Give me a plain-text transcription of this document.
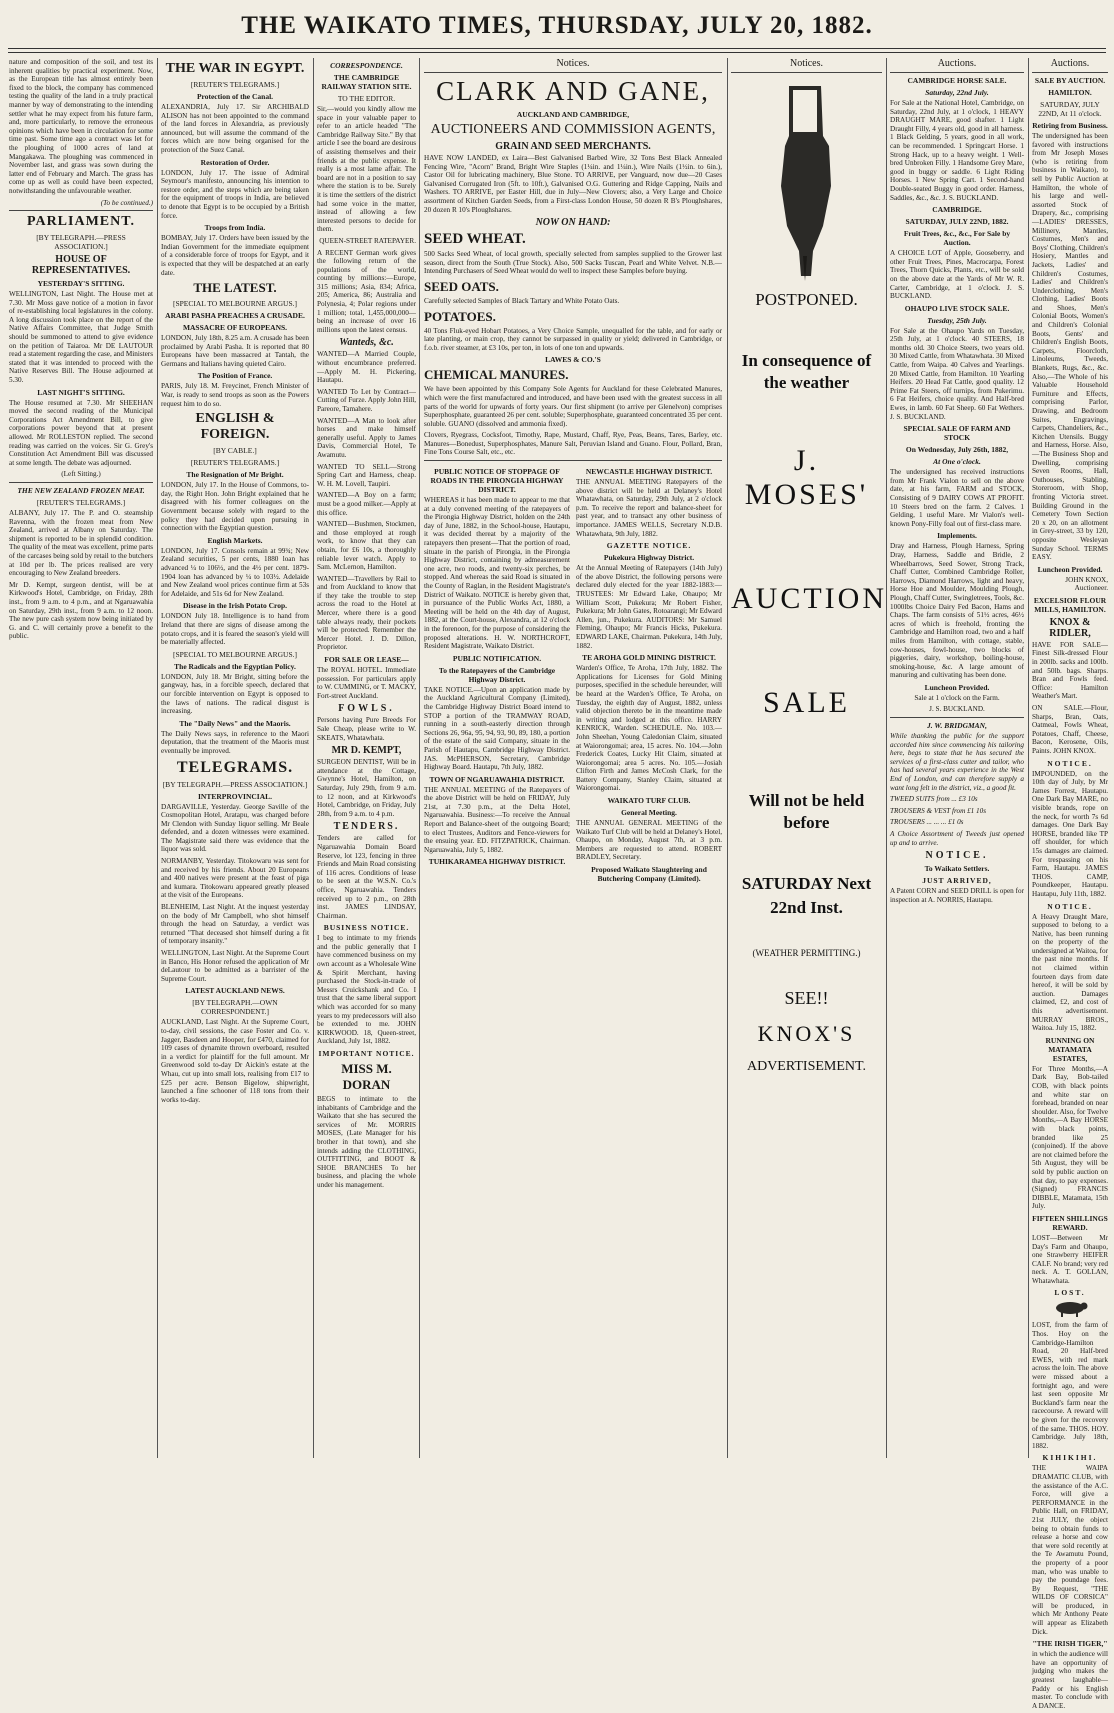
THE WAIKATO TIMES, THURSDAY, JULY 20, 1882.

nature and composition of the soil, and test its inherent qualities by practical experiment. Now, as the European title has almost entirely been fixed to the block, the company has commenced testing the quality of the land in a truly practical manner by way of demonstrating to the intending settler what he may expect from his future farm, and, more particularly, to remove the erroneous opinions which have been in circulation for some time past. Some time ago a contract was let for the ploughing of 1000 acres of land at Mangakawa. The ploughing was commenced in November last, and grass was sown during the latter end of February and March. The grass has come up as well as could have been expected, notwithstanding the unfavourable weather.

(To be continued.)

PARLIAMENT.
[BY TELEGRAPH.—PRESS ASSOCIATION.]
HOUSE OF REPRESENTATIVES.
YESTERDAY'S SITTING.

WELLINGTON, Last Night. The House met at 7.30. Mr Moss gave notice of a motion in favor of re-establishing local legislatures in the colony. A long discussion took place on the report of the Native Affairs Committee, that Judge Smith should be summoned to attend to give evidence on the petition of Taiaroa. Mr DE LAUTOUR read a statement regarding the case, and Ministers stated that it was intended to proceed with the Native Reserves Bill. The House adjourned at 5.30.

LAST NIGHT'S SITTING.

The House resumed at 7.30. Mr SHEEHAN moved the second reading of the Municipal Corporations Act Amendment Bill, to give corporations power beyond that at present allowed. Mr ROLLESTON replied. The second reading was carried on the voices. Sir G. Grey's Constitution Act Amendment Bill was discussed at some length. The debate was adjourned.

(Left Sitting.)

THE NEW ZEALAND FROZEN MEAT.
[REUTER'S TELEGRAMS.]

ALBANY, July 17. The P. and O. steamship Ravenna, with the frozen meat from New Zealand, arrived at Albany on Saturday. The shipment is reported to be in splendid condition. The quality of the meat was excellent, prime parts of the carcases being sold by retail to the butchers at 10d per lb. The prices realised are very encouraging to New Zealand breeders.

Mr D. Kempt, surgeon dentist, will be at Kirkwood's Hotel, Cambridge, on Friday, 28th inst., from 9 a.m. to 4 p.m., and at Ngaruawahia on Saturday, 29th inst., from 9 a.m. to 12 noon. The new pure cash system now being initiated by G. and C. will certainly prove a benefit to the public.

THE WAR IN EGYPT.
[REUTER'S TELEGRAMS.]
Protection of the Canal.

ALEXANDRIA, July 17. Sir ARCHIBALD ALISON has not been appointed to the command of the land forces in Alexandria, as previously announced, but will assume the command of the forces which are now being organised for the protection of the Suez Canal.

Restoration of Order.

LONDON, July 17. The issue of Admiral Seymour's manifesto, announcing his intention to restore order, and the steps which are being taken for the equipment of troops in India, are believed to denote that Egypt is to be occupied by a British force.

Troops from India.

BOMBAY, July 17. Orders have been issued by the Indian Government for the immediate equipment of a considerable force of troops for Egypt, and it is expected that they will be despatched at an early date.

THE LATEST.
[SPECIAL TO MELBOURNE ARGUS.]
ARABI PASHA PREACHES A CRUSADE.
MASSACRE OF EUROPEANS.

LONDON, July 18th, 8.25 a.m. A crusade has been proclaimed by Arabi Pasha. It is reported that 80 Europeans have been massacred at Tantah, the Germans and Italians having quieted Cairo.

The Position of France.

PARIS, July 18. M. Freycinet, French Minister of War, is ready to send troops as soon as the Powers request him to do so.

ENGLISH & FOREIGN.
[BY CABLE.]
[REUTER'S TELEGRAMS.]
The Resignation of Mr Bright.

LONDON, July 17. In the House of Commons, to-day, the Right Hon. John Bright explained that he disagreed with his former colleagues on the Government because solely with regard to the policy they had decided upon pursuing in connection with the Egyptian question.

English Markets.

LONDON, July 17. Consols remain at 99¾; New Zealand securities, 5 per cents, 1880 loan has advanced ¼ to 106½, and the 4½ per cent. 1879-1904 loan has advanced by ¼ to 103½. Adelaide and New Zealand wool prices continue firm at 53s for Adelaide, and 51s 6d for New Zealand.

Disease in the Irish Potato Crop.

LONDON July 18. Intelligence is to hand from Ireland that there are signs of disease among the potato crops, and it is feared the season's yield will be materially affected.

[SPECIAL TO MELBOURNE ARGUS.]
The Radicals and the Egyptian Policy.

LONDON, July 18. Mr Bright, sitting before the gangway, has, in a forcible speech, declared that our forcible intervention on Egypt is opposed to the laws of nations. The radical disgust is increasing.

The "Daily News" and the Maoris.

The Daily News says, in reference to the Maori deputation, that the treatment of the Maoris must eventually be improved.

TELEGRAMS.
[BY TELEGRAPH.—PRESS ASSOCIATION.]
INTERPROVINCIAL.

DARGAVILLE, Yesterday. George Saville of the Cosmopolitan Hotel, Aratapu, was charged before Mr Clendon with Sunday liquor selling. Mr Beale defended, and a dozen witnesses were examined. The Magistrate said there was evidence that the liquor was sold.

NORMANBY, Yesterday. Titokowaru was sent for and received by his friends. About 20 Europeans and 400 natives were present at the feast of piga and kumara. Titokowaru appeared greatly pleased at the visit of the Europeans.

BLENHEIM, Last Night. At the inquest yesterday on the body of Mr Campbell, who shot himself through the head on Saturday, a verdict was returned "That deceased shot himself during a fit of temporary insanity."

WELLINGTON, Last Night. At the Supreme Court in Banco, His Honor refused the application of Mr deLautour to be admitted as a barrister of the Supreme Court.

LATEST AUCKLAND NEWS.
[BY TELEGRAPH.—OWN CORRESPONDENT.]

AUCKLAND, Last Night. At the Supreme Court, to-day, civil sessions, the case Foster and Co. v. Jagger, Basdeen and Hooper, for £470, claimed for 109 cases of dynamite thrown overboard, resulted in a verdict for plaintiff for the full amount. Mr Greenwood sold to-day Dr Aickin's estate at the Whau, cut up into small lots, realising from £17 to £25 per acre. Benson Bigelow, shipwright, launched a fine schooner of 118 tons from their works to-day.

CORRESPONDENCE.
THE CAMBRIDGE RAILWAY STATION SITE.
TO THE EDITOR.

Sir,—would you kindly allow me space in your valuable paper to refer to an article headed "The Cambridge Railway Site." By that article I see the board are desirous of assisting themselves and their friends at the public expense. It really is a most lame affair. The board are not in a position to say where the station is to be. Surely it is time the settlers of the district had some voice in the matter, instead of allowing a few interested persons to decide for them.

QUEEN-STREET RATEPAYER.

A RECENT German work gives the following return of the populations of the world, counting by millions:—Europe, 315 millions; Asia, 834; Africa, 205; America, 86; Australia and Polynesia, 4; Polar regions under 1 million; total, 1,455,000,000—being an increase of over 16 millions upon the latest census.

Wanteds, &c.

WANTED—A Married Couple, without encumbrance preferred.—Apply M. H. Pickering, Hautapu.

WANTED To Let by Contract—Cutting of Furze. Apply John Hill, Pareore, Tamahere.

WANTED—A Man to look after horses and make himself generally useful. Apply to James Davis, Commercial Hotel, Te Awamutu.

WANTED TO SELL—Strong Spring Cart and Harness, cheap. W. H. M. Lovell, Taupiri.

WANTED—A Boy on a farm; must be a good milker.—Apply at this office.

WANTED—Bushmen, Stockmen, and those employed at rough work, to know that they can obtain, for £6 10s, a thoroughly reliable lever watch. Apply to Sam. McLernon, Hamilton.

WANTED—Travellers by Rail to and from Auckland to know that if they take the trouble to step across the road to the Hotel at Mercer, where there is a good table always ready, their pockets will be protected. Remember the Mercer Hotel. J. D. Dillon, Proprietor.

FOR SALE OR LEASE—

The ROYAL HOTEL. Immediate possession. For particulars apply to W. CUMMING, or T. MACKY, Fort-street Auckland.

FOWLS.

Persons having Pure Breeds For Sale Cheap, please write to W. SKEATS, Whatawhata.

MR D. KEMPT,

SURGEON DENTIST, Will be in attendance at the Cottage, Gwynne's Hotel, Hamilton, on Saturday, July 29th, from 9 a.m. to 12 noon, and at Kirkwood's Hotel, Cambridge, on Friday, July 28th, from 9 a.m. to 4 p.m.

TENDERS.

Tenders are called for Ngaruawahia Domain Board Reserve, lot 123, fencing in three Friends and Main Road consisting of 116 acres. Conditions of lease to be seen at the W.S.N. Co.'s office, Ngaruawahia. Tenders received up to 2 p.m., on 28th inst. JAMES LINDSAY, Chairman.

BUSINESS NOTICE.

I beg to intimate to my friends and the public generally that I have commenced business on my own account as a Wholesale Wine & Spirit Merchant, having purchased the Stock-in-trade of Messrs Cruickshank and Co. I trust that the same liberal support which was accorded for so many years to my predecessors will also be extended to me. JOHN KIRKWOOD. 18, Queen-street, Auckland, July 1st, 1882.

IMPORTANT NOTICE.
MISS M. DORAN

BEGS to intimate to the inhabitants of Cambridge and the Waikato that she has secured the services of Mr. MORRIS MOSES, (Late Manager for his brother in that town), and she intends adding the CLOTHING, OUTFITTING, and BOOT & SHOE BRANCHES To her business, and placing the whole under his management.

Notices.
CLARK AND GANE,
AUCKLAND AND CAMBRIDGE,
AUCTIONEERS AND COMMISSION AGENTS,
GRAIN AND SEED MERCHANTS.

HAVE NOW LANDED, ex Laira—Best Galvanised Barbed Wire, 32 Tons Best Black Annealed Fencing Wire, "Acorn" Brand, Bright Wire Staples (1¼in. and 1¼in.), Wire Nails (1½in. to 6in.), Castor Oil for lubricating machinery, Blue Stone. TO ARRIVE, per Vanguard, now due—20 Cases Galvanised Corrugated Iron (5ft. to 10ft.), Galvanised O.G. Guttering and Ridge Capping, Nails and Washers. TO ARRIVE, per Easter Hill, due in July—New Clovers; also, a Very Large and Choice assortment of Kitchen Garden Seeds, from a First-class London House, 50 dozen R B's Ploughshares, 20 dozen R 10's Ploughshares.

NOW ON HAND:
SEED WHEAT.

500 Sacks Seed Wheat, of local growth, specially selected from samples supplied to the Grower last season, direct from the South (True Stock). Also, 500 Sacks Tuscan, Pearl and White Velvet. N.B.—Intending Purchasers of Seed Wheat would do well to inspect these Samples before buying.

SEED OATS.

Carefully selected Samples of Black Tartary and White Potato Oats.

POTATOES.

40 Tons Fluk-eyed Hobart Potatoes, a Very Choice Sample, unequalled for the table, and for early or late planting, or main crop, they cannot be surpassed in quality or yield; delivered in Cambridge, or f.o.b. river steamer, at £3 10s, per ton, in lots of one ton and upwards.

LAWES & CO.'S
CHEMICAL MANURES.

We have been appointed by this Company Sole Agents for Auckland for these Celebrated Manures, which were the first manufactured and introduced, and have been used with the greatest success in all parts of the world for upwards of forty years. Our first shipment (to arrive per Glenelvon) comprises Superphosphate, guaranteed 26 per cent. soluble; Superphosphate, guaranteed concentrated 35 per cent. soluble. GUANO (dissolved and ammonia fixed).

Clovers, Ryegrass, Cocksfoot, Timothy, Rape, Mustard, Chaff, Rye, Peas, Beans, Tares, Barley, etc. Manures—Bonedust, Superphosphates, Manure Salt, Peruvian Island and Guano. Flour, Pollard, Bran, Fine Tons Course Salt, etc., etc.

PUBLIC NOTICE OF STOPPAGE OF ROADS IN THE PIRONGIA HIGHWAY DISTRICT.

WHEREAS it has been made to appear to me that at a duly convened meeting of the ratepayers of the Pirongia Highway District, holden on the 24th day of June, 1882, in the School-house, Hautapu, it was decided thereat by a majority of the ratepayers then present—That the portion of road, situate in the parish of Pirongia, in the Pirongia Highway District, containing by admeasurement one acre, two roods, and twenty-six perches, be stopped. And whereas the said Road is situated in the County of Raglan, in the Resident Magistrate's District of Waikato. NOTICE is hereby given that, in pursuance of the Public Works Act, 1880, a Meeting will be held on the 4th day of August, 1882, at the Court-house, Alexandra, at 12 o'clock in the forenoon, for the purpose of considering the proposed alterations. H. W. NORTHCROFT, Resident Magistrate, Waikato District.

PUBLIC NOTIFICATION.
To the Ratepayers of the Cambridge Highway District.

TAKE NOTICE.—Upon an application made by the Auckland Agricultural Company (Limited), the Cambridge Highway District Board intend to STOP a portion of the TRAMWAY ROAD, running in a south-easterly direction through Sections 26, 96a, 95, 94, 93, 90, 89, 180, a portion of the estate of the said Company, situate in the Parish of Hautapu, Cambridge Highway District. JAS. McPHERSON, Secretary, Cambridge Highway Board. Hautapu, 7th July, 1882.

TOWN OF NGARUAWAHIA DISTRICT.

THE ANNUAL MEETING of the Ratepayers of the above District will be held on FRIDAY, July 21st, at 7.30 p.m., at the Delta Hotel, Ngaruawahia. Business:—To receive the Annual Report and Balance-sheet of the outgoing Board; to elect Trustees, Auditors and Fence-viewers for the ensuing year. ED. FITZPATRICK, Chairman. Ngaruawahia, July 5, 1882.

TUHIKARAMEA HIGHWAY DISTRICT.
NEWCASTLE HIGHWAY DISTRICT.

THE ANNUAL MEETING Ratepayers of the above district will be held at Delaney's Hotel Whatawhata, on Saturday, 29th July, at 2 o'clock p.m. To receive the report and balance-sheet for past year, and to transact any other business of importance. JAMES WELLS, Secretary N.D.B. Whatawhata, 9th July, 1882.

GAZETTE NOTICE.
Pukekura Highway District.

At the Annual Meeting of Ratepayers (14th July) of the above District, the following persons were declared duly elected for the year 1882-1883:—TRUSTEES: Mr Edward Lake, Ohaupo; Mr William Scott, Pukekura; Mr Robert Fisher, Pukekura; Mr John Gates, Rotoarangi; Mr Edward Allen, jun., Pukekura. AUDITORS: Mr Samuel Fleming, Ohaupo; Mr Francis Hicks, Pukekura. EDWARD LAKE, Chairman. Pukekura, 14th July, 1882.

TE AROHA GOLD MINING DISTRICT.

Warden's Office, Te Aroha, 17th July, 1882. The Applications for Licenses for Gold Mining purposes, specified in the schedule hereunder, will be heard at the Warden's Office, Te Aroha, on Tuesday, the eighth day of August, 1882, unless valid objection thereto be in the meantime made in writing and lodged at this office. HARRY KENRICK, Warden. SCHEDULE. No. 103.—John Sheehan, Young Caledonian Claim, situated at Waiorongomai; area, 15 acres. No. 104.—John Frederick Coates, Lucky Hit Claim, situated at Waiorongomai; area 5 acres. No. 105.—Josiah Clifton Firth and James McCosh Clark, for the Battery Company, Stanley Claim, situated at Waiorongomai.

WAIKATO TURF CLUB.
General Meeting.

THE ANNUAL GENERAL MEETING of the Waikato Turf Club will be held at Delaney's Hotel, Ohaupo, on Monday, August 7th, at 3 p.m. Members are requested to attend. ROBERT BRADLEY, Secretary.

Proposed Waikato Slaughtering and Butchering Company (Limited).
Notices.
POSTPONED.
In consequence of the weather
J. MOSES'
AUCTION
SALE
Will not be held before
SATURDAY Next
22nd Inst.
(WEATHER PERMITTING.)
SEE!!
KNOX'S
ADVERTISEMENT.
Auctions.
CAMBRIDGE HORSE SALE.
Saturday, 22nd July.

For Sale at the National Hotel, Cambridge, on Saturday, 22nd July, at 1 o'clock, 1 HEAVY DRAUGHT MARE, good shafter. 1 Light Draught Filly, 4 years old, good in all harness. 1 Black Gelding, 5 years, good in all work, can be recommended. 1 Springcart Horse. 1 Strong Hack, up to a heavy weight. 1 Well-bred Unbroken Filly. 1 Handsome Grey Mare, good in buggy or saddle. 6 Light Riding Horses. 1 New Spring Cart. 1 Second-hand Double-seated Buggy in good order. Harness, Saddles, &c., &c. J. S. BUCKLAND.

CAMBRIDGE.
SATURDAY, JULY 22ND, 1882.
Fruit Trees, &c., &c., For Sale by Auction.

A CHOICE LOT of Apple, Gooseberry, and other Fruit Trees, Pines, Macrocarpa, Forest Trees, Thorn Quicks, Plants, etc., will be sold on the above date at the Yards of Mr W. R. Carter, Cambridge, at 1 o'clock. J. S. BUCKLAND.

OHAUPO LIVE STOCK SALE.
Tuesday, 25th July.

For Sale at the Ohaupo Yards on Tuesday, 25th July, at 1 o'clock. 40 STEERS, 18 months old. 30 Choice Steers, two years old. 30 Mixed Cattle, from Whatawhata. 30 Mixed Cattle, from Waipa. 40 Calves and Yearlings. 20 Mixed Cattle, from Hamilton. 10 Yearling Heifers. 20 Head Fat Cattle, good quality. 12 Prime Fat Steers, off turnips, from Pukerimu. 6 Fat Heifers, choice quality. And Half-bred Ewes, in lamb. 60 Fat Sheep. 60 Fat Wethers. J. S. BUCKLAND.

SPECIAL SALE OF FARM AND STOCK
On Wednesday, July 26th, 1882,
At One o'clock.

The undersigned has received instructions from Mr Frank Vialon to sell on the above date, at his farm, FARM and STOCK, Consisting of 9 DAIRY COWS AT PROFIT. 10 Steers bred on the farm. 2 Calves. 1 Gelding, 1 useful Mare. Mr Vialon's well-known Pony-Filly foal out of first-class mare.

Implements.

Dray and Harness, Plough Harness, Spring Dray, Harness, Saddle and Bridle, 2 Wheelbarrows, Seed Sower, Strong Track, Chaff Cutter, Combined Cambridge Roller, Harrows, Diamond Harrows, light and heavy, Horse Hoe and Moulder, Moulding Plough, Plough, Chaff Cutter, Swingletrees, Tools, &c. 1000lbs Choice Dairy Fed Bacon, Hams and Chaps. The farm consists of 51½ acres, 46½ acres of which is freehold, fronting the Cambridge and Hamilton road, two and a half miles from Hamilton, with cottage, stable, cow-houses, fowl-house, two blocks of piggeries, dairy, workshop, boiling-house, smoking-house, &c. A large amount of manuring and cultivating has been done.

Luncheon Provided.

Sale at 1 o'clock on the Farm.

J. S. BUCKLAND.

J. W. BRIDGMAN,

While thanking the public for the support accorded him since commencing his tailoring here, begs to state that he has secured the services of a first-class cutter and tailor, who has had several years experience in the West End of London, and can therefore supply a want long felt in the district, viz., a good fit.

TWEED SUITS from ... £3 10s

TROUSERS & VEST from £1 10s

TROUSERS ... ... ... £1 0s

A Choice Assortment of Tweeds just opened up and to arrive.

NOTICE.
To Waikato Settlers.
JUST ARRIVED,

A Patent CORN and SEED DRILL is open for inspection at A. NORRIS, Hautapu.

Auctions.
SALE BY AUCTION.
HAMILTON.
SATURDAY, JULY 22ND, At 11 o'clock.
Retiring from Business.

The undersigned has been favored with instructions from Mr Joseph Moses (who is retiring from business in Waikato), to sell by Public Auction at Hamilton, the whole of his large and well-assorted Stock of Drapery, &c., comprising—LADIES' DRESSES, Millinery, Mantles, Costumes, Men's and Boys' Clothing, Children's Hosiery, Mantles and Jackets, Ladies' and Children's Costumes, Ladies' and Children's Underclothing, Men's Clothing, Ladies' Boots and Shoes, Men's Colonial Boots, Women's and Children's Colonial Boots, Gents' and Children's English Boots, Carpets, Floorcloth, Linoleums, Tweeds, Blankets, Rugs, &c., &c. Also,—The Whole of his Valuable Household Furniture and Effects, comprising Parlor, Drawing, and Bedroom Suites, Engravings, Carpets, Chandeliers, &c., Kitchen Utensils. Buggy and Harness, Horse. Also,—The Business Shop and Dwelling, comprising Seven Rooms, Hall, Outhouses, Stabling, Storeroom, with Shop, fronting Victoria street. Building Ground in the Cemetery Town Section 20 x 20, on an allotment in Grey-street, 33 by 120, opposite Wesleyan Sunday School. TERMS EASY.

Luncheon Provided.

JOHN KNOX, Auctioneer.

EXCELSIOR FLOUR MILLS, HAMILTON.
KNOX & RIDLER,

HAVE FOR SALE—Finest Silk-dressed Flour in 200lb. sacks and 100lb. and 50lb. bags. Sharps. Bran and Fowls feed. Office: Hamilton Weather's Mart.

ON SALE.—Flour, Sharps, Bran, Oats, Oatmeal, Fowls Wheat, Potatoes, Chaff, Cheese, Bacon, Kerosene, Oils, Paints. JOHN KNOX.

NOTICE.

IMPOUNDED, on the 10th day of July, by Mr James Forrest, Hautapu. One Dark Bay MARE, no visible brands, rope on the neck, for worth 7s 6d damages. One Dark Bay HORSE, branded like TP off shoulder, for which 15s damages are claimed. For trespassing on his Farm, Hautapu. JAMES THOS. CAMP, Poundkeeper, Hautapu. Hautapu, July 11th, 1882.

NOTICE.

A Heavy Draught Mare, supposed to belong to a Native, has been running on the property of the undersigned at Waitoa, for the past nine months. If not claimed within fourteen days from date hereof, it will be sold by auction. Damages claimed, £2, and cost of this advertisement. MURRAY BROS., Waitoa. July 15, 1882.

RUNNING ON MATAMATA ESTATES,

For Three Months,—A Dark Bay, Bob-tailed COB, with black points and white star on forehead, branded on near shoulder. Also, for Twelve Months,—A Bay HORSE with black points, branded like 25 (conjoined). If the above are not claimed before the 5th August, they will be sold by public auction on that day, to pay expenses. (Signed) FRANCIS DIBBLE, Matamata, 15th July.

FIFTEEN SHILLINGS REWARD.

LOST—Between Mr Day's Farm and Ohaupo, one Strawberry HEIFER CALF. No brand; very red neck. A. T. GOLLAN, Whatawhata.

LOST.

LOST, from the farm of Thos. Hoy on the Cambridge-Hamilton Road, 20 Half-bred EWES, with red mark across the loin. The above were missed about a fortnight ago, and were last seen opposite Mr Buckland's farm near the racecourse. A reward will be given for the recovery of the same. THOS. HOY. Cambridge. July 18th, 1882.

KIHIKIHI.

THE WAIPA DRAMATIC CLUB, with the assistance of the A.C. Force, will give a PERFORMANCE in the Public Hall, on FRIDAY, 21st JULY, the object being to obtain funds to release a horse and cow that were sold recently at the Te Awamutu Pound, the property of a poor man, who was unable to pay the poundage fees. By Request, "THE WILDS OF CORSICA" will be produced, in which Mr Anthony Peate will appear as Elizabeth Dick.

"THE IRISH TIGER,"

in which the audience will have an opportunity of judging who makes the greatest laughable—Paddy or his English master. To conclude with A DANCE.
